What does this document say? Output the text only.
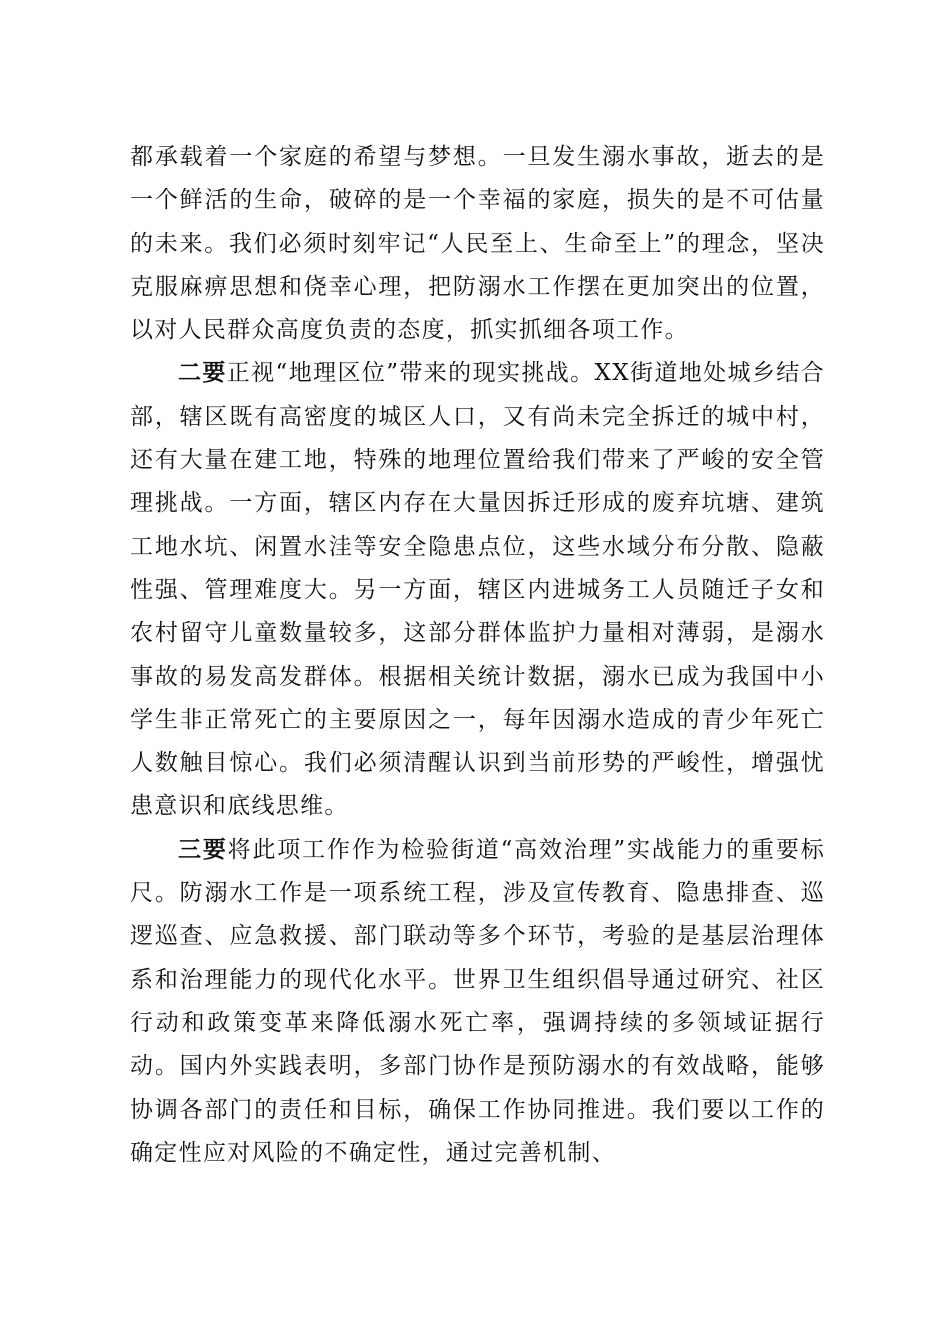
都承载着一个家庭的希望与梦想。一旦发生溺水事故，逝去的是一个鲜活的生命，破碎的是一个幸福的家庭，损失的是不可估量的未来。我们必须时刻牢记“人民至上、生命至上”的理念，坚决克服麻痹思想和侥幸心理，把防溺水工作摆在更加突出的位置，以对人民群众高度负责的态度，抓实抓细各项工作。

二要正视“地理区位”带来的现实挑战。XX街道地处城乡结合部，辖区既有高密度的城区人口，又有尚未完全拆迁的城中村，还有大量在建工地，特殊的地理位置给我们带来了严峻的安全管理挑战。一方面，辖区内存在大量因拆迁形成的废弃坑塘、建筑工地水坑、闲置水洼等安全隐患点位，这些水域分布分散、隐蔽性强、管理难度大。另一方面，辖区内进城务工人员随迁子女和农村留守儿童数量较多，这部分群体监护力量相对薄弱，是溺水事故的易发高发群体。根据相关统计数据，溺水已成为我国中小学生非正常死亡的主要原因之一，每年因溺水造成的青少年死亡人数触目惊心。我们必须清醒认识到当前形势的严峻性，增强忧患意识和底线思维。

三要将此项工作作为检验街道“高效治理”实战能力的重要标尺。防溺水工作是一项系统工程，涉及宣传教育、隐患排查、巡逻巡查、应急救援、部门联动等多个环节，考验的是基层治理体系和治理能力的现代化水平。世界卫生组织倡导通过研究、社区行动和政策变革来降低溺水死亡率，强调持续的多领域证据行动。国内外实践表明，多部门协作是预防溺水的有效战略，能够协调各部门的责任和目标，确保工作协同推进。我们要以工作的确定性应对风险的不确定性，通过完善机制、
